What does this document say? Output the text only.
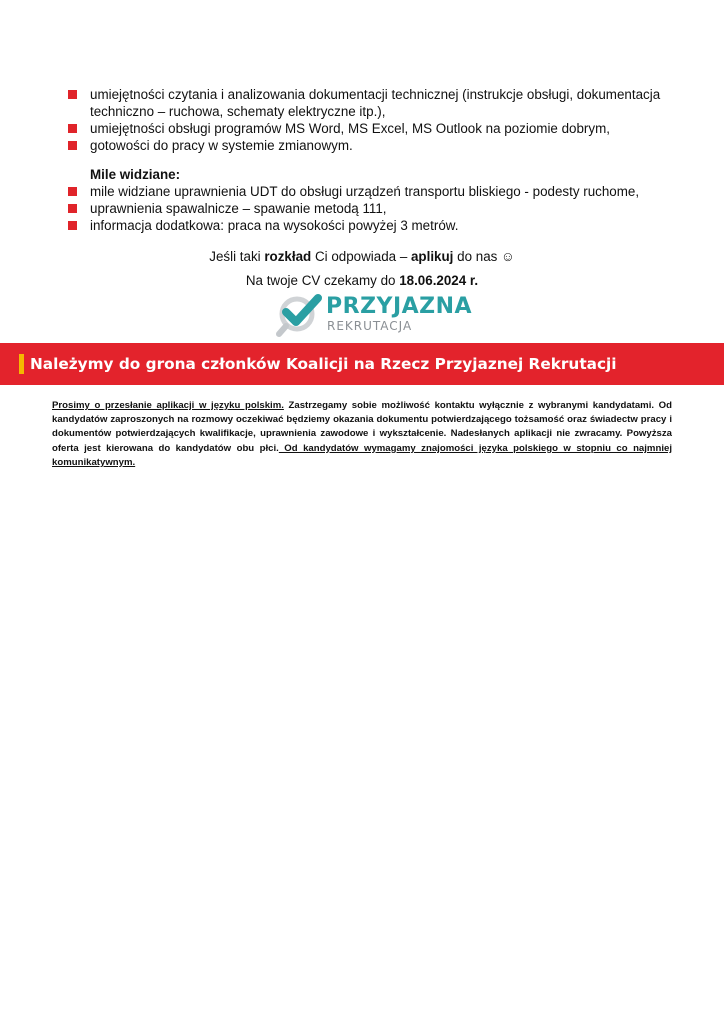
umiejętności czytania i analizowania dokumentacji technicznej (instrukcje obsługi, dokumentacja techniczno – ruchowa, schematy elektryczne itp.),
umiejętności obsługi programów MS Word, MS Excel, MS Outlook na poziomie dobrym,
gotowości do pracy w systemie zmianowym.
Mile widziane:
mile widziane uprawnienia UDT do obsługi urządzeń transportu bliskiego - podesty ruchome,
uprawnienia spawalnicze – spawanie metodą 111,
informacja dodatkowa: praca na wysokości powyżej 3 metrów.
Jeśli taki rozkład Ci odpowiada – aplikuj do nas ☺
Na twoje CV czekamy do 18.06.2024 r.
PRZYJAZNA
REKRUTACJA
Należymy do grona członków Koalicji na Rzecz Przyjaznej Rekrutacji
Prosimy o przesłanie aplikacji w języku polskim. Zastrzegamy sobie możliwość kontaktu wyłącznie z wybranymi kandydatami. Od kandydatów zaproszonych na rozmowy oczekiwać będziemy okazania dokumentu potwierdzającego tożsamość oraz świadectw pracy i dokumentów potwierdzających kwalifikacje, uprawnienia zawodowe i wykształcenie. Nadesłanych aplikacji nie zwracamy. Powyższa oferta jest kierowana do kandydatów obu płci. Od kandydatów wymagamy znajomości języka polskiego w stopniu co najmniej komunikatywnym.
